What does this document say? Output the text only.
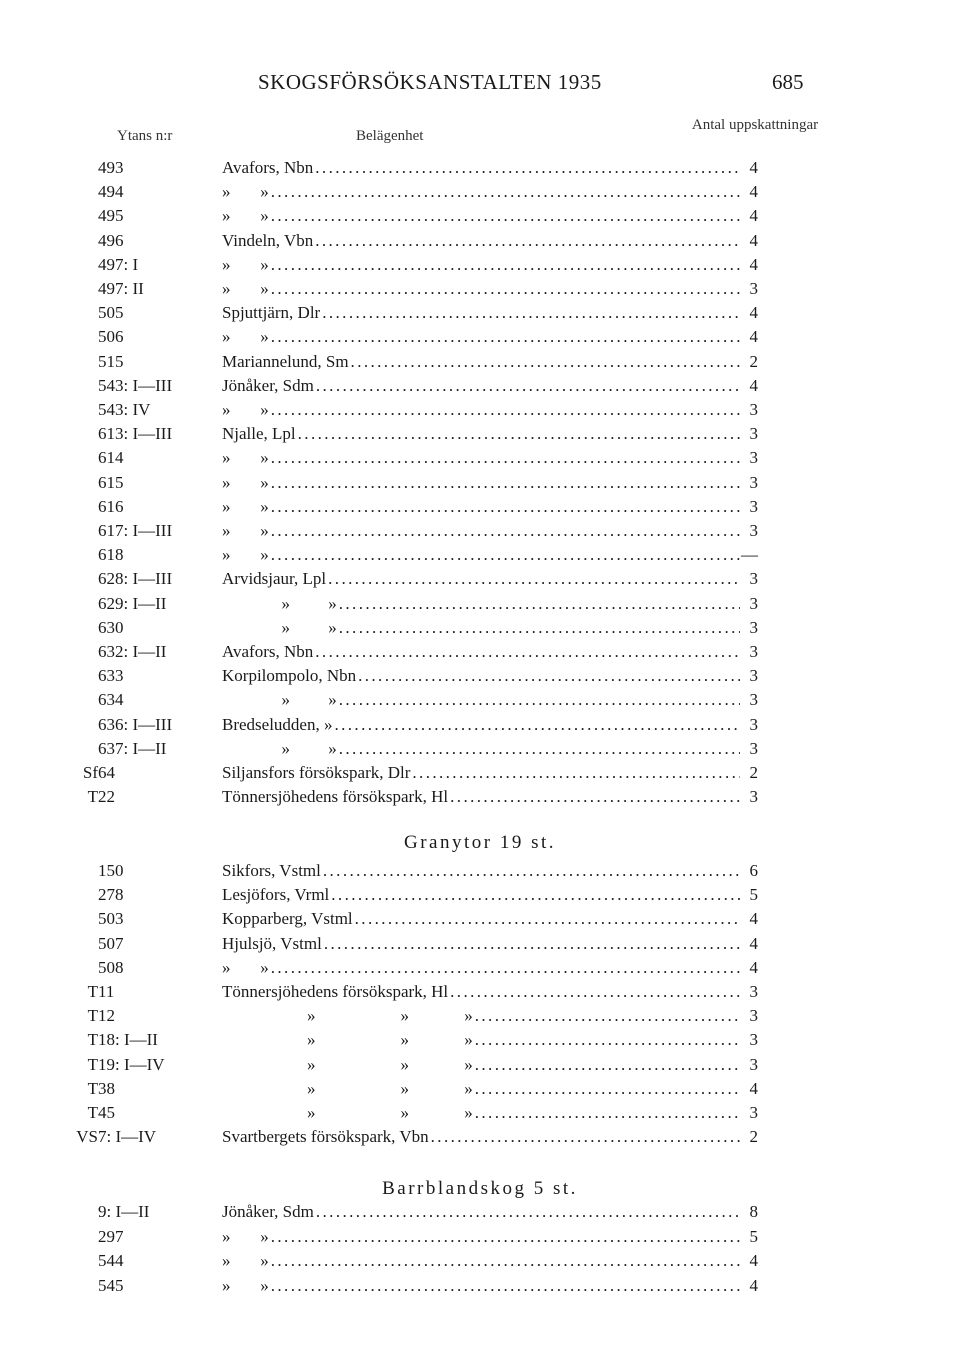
SKOGSFÖRSÖKSANSTALTEN 1935	685
Ytans n:r	Belägenhet
Antal uppskattningar
493	Avafors, Nbn .....	4
494	»       » .....	4
495	»       » .....	4
496	Vindeln, Vbn .....	4
497: I	»       » .....	4
497: II	»       » .....	3
505	Spjuttjärn, Dlr .....	4
506	»       » .....	4
515	Mariannelund, Sm .....	2
543: I—III	Jönåker, Sdm .....	4
543: IV	»       » .....	3
613: I—III	Njalle, Lpl .....	3
614	»       » .....	3
615	»       » .....	3
616	»       » .....	3
617: I—III	»       » .....	3
618	»       » .....	—
628: I—III	Arvidsjaur, Lpl .....	3
629: I—II	»         » .....	3
630	»         » .....	3
632: I—II	Avafors, Nbn .....	3
633	Korpilompolo, Nbn .....	3
634	»         » .....	3
636: I—III	Bredseludden, » .....	3
637: I—II	»         » .....	3
Sf 64	Siljansfors försökspark, Dlr .....	2
T 22	Tönnersjöhedens försökspark, Hl .....	3
Granytor 19 st.
150	Sikfors, Vstml .....	6
278	Lesjöfors, Vrml .....	5
503	Kopparberg, Vstml .....	4
507	Hjulsjö, Vstml .....	4
508	»       » .....	4
T 11	Tönnersjöhedens försökspark, Hl .....	3
T 12	»                    »             » .....	3
T 18: I—II	»                    »             » .....	3
T 19: I—IV	»                    »             » .....	3
T 38	»                    »             » .....	4
T 45	»                    »             » .....	3
VS 7: I—IV	Svartbergets försökspark, Vbn .....	2
Barrblandskog 5 st.
9: I—II	Jönåker, Sdm .....	8
297	»       » .....	5
544	»       » .....	4
545	»       » .....	4
